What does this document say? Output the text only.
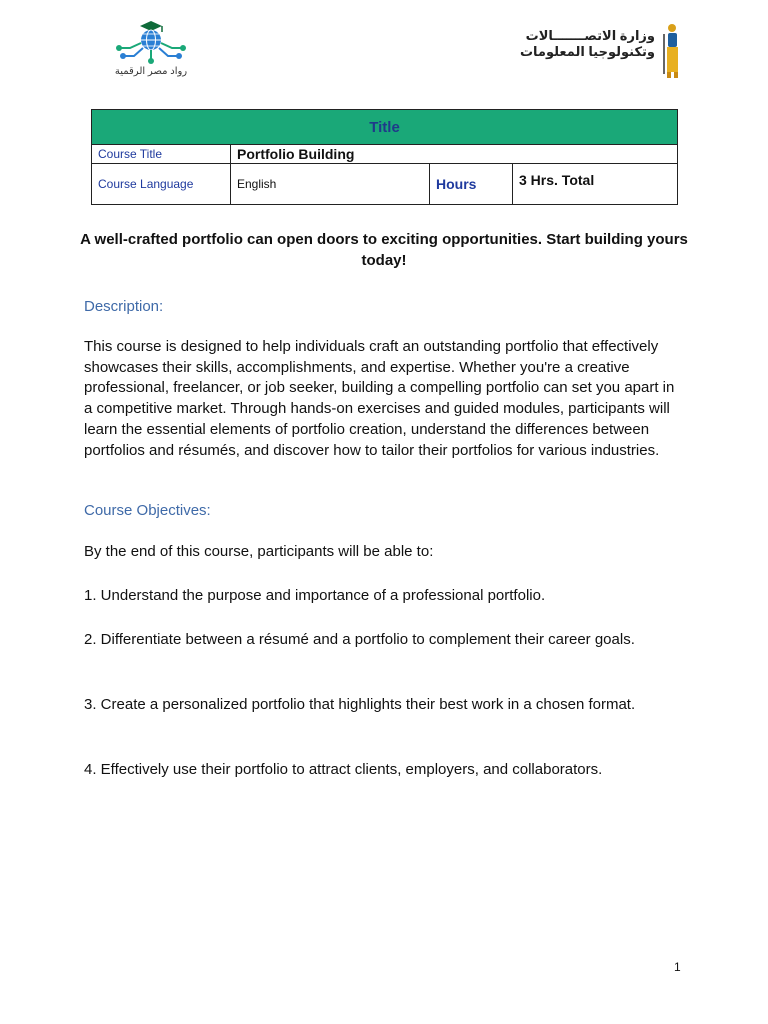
رواد مصر الرقمية
وزارة الاتصـــــــالات
وتكنولوجيا المعلومات
Title			
Course Title	Portfolio Building		
Course Language	English	Hours	3 Hrs. Total
A well-crafted portfolio can open doors to exciting opportunities. Start building yours today!
Description:
This course is designed to help individuals craft an outstanding portfolio that effectively showcases their skills, accomplishments, and expertise. Whether you're a creative professional, freelancer, or job seeker, building a compelling portfolio can set you apart in a competitive market. Through hands-on exercises and guided modules, participants will learn the essential elements of portfolio creation, understand the differences between portfolios and résumés, and discover how to tailor their portfolios for various industries.
Course Objectives:
By the end of this course, participants will be able to:
1. Understand the purpose and importance of a professional portfolio.
2. Differentiate between a résumé and a portfolio to complement their career goals.
3. Create a personalized portfolio that highlights their best work in a chosen format.
4. Effectively use their portfolio to attract clients, employers, and collaborators.
1
